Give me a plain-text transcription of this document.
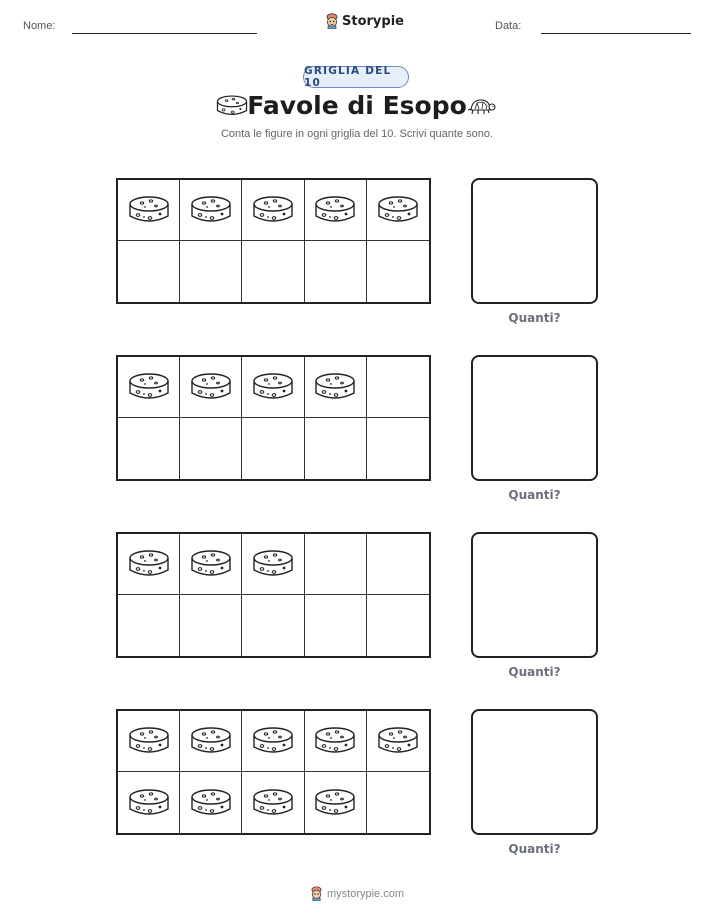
Nome:	Storypie	Data:
GRIGLIA DEL 10
Favole di Esopo
Conta le figure in ogni griglia del 10. Scrivi quante sono.
Quanti?
Quanti?
Quanti?
Quanti?
mystorypie.com
